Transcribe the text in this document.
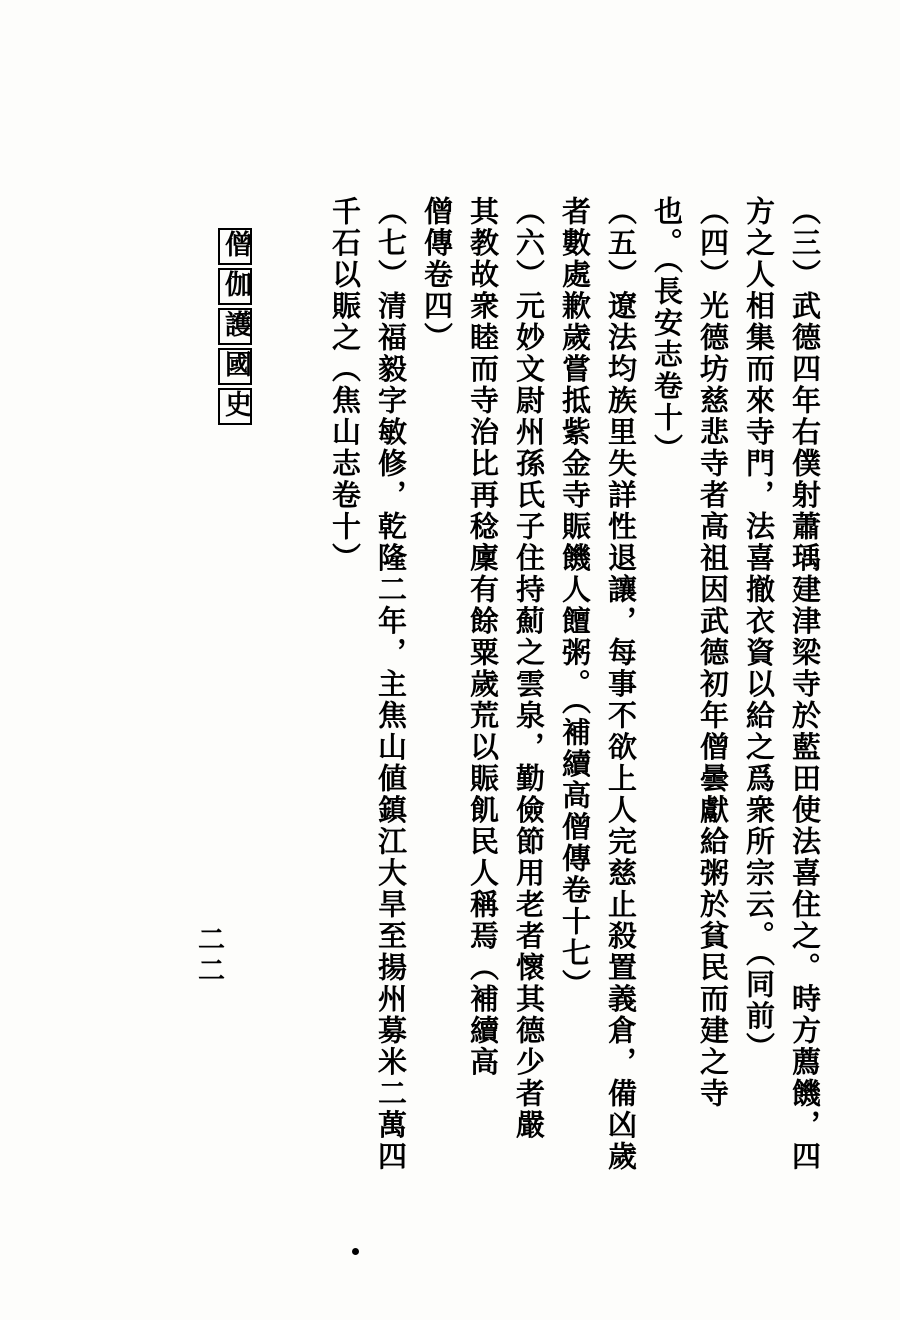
僧伽護國史
二二	（三）武德四年右僕射蕭瑀建津梁寺於藍田使法喜住之。時方薦饑，四
方之人相集而來寺門，法喜撤衣資以給之爲衆所宗云。（同前）
（四）光德坊慈悲寺者高祖因武德初年僧曇獻給粥於貧民而建之寺
也。（長安志卷十）
（五）遼法均族里失詳性退讓，每事不欲上人完慈止殺置義倉，備凶歲
者數處歉歲嘗抵紫金寺賑饑人饘粥。（補續高僧傳卷十七）
（六）元妙文尉州孫氏子住持薊之雲泉，勤儉節用老者懷其德少者嚴
其教故衆睦而寺治比再稔廩有餘粟歲荒以賑飢民人稱焉（補續高
僧傳卷四）
（七）清福毅字敏修，乾隆二年，主焦山値鎮江大旱至揚州募米二萬四
千石以賑之（焦山志卷十）
